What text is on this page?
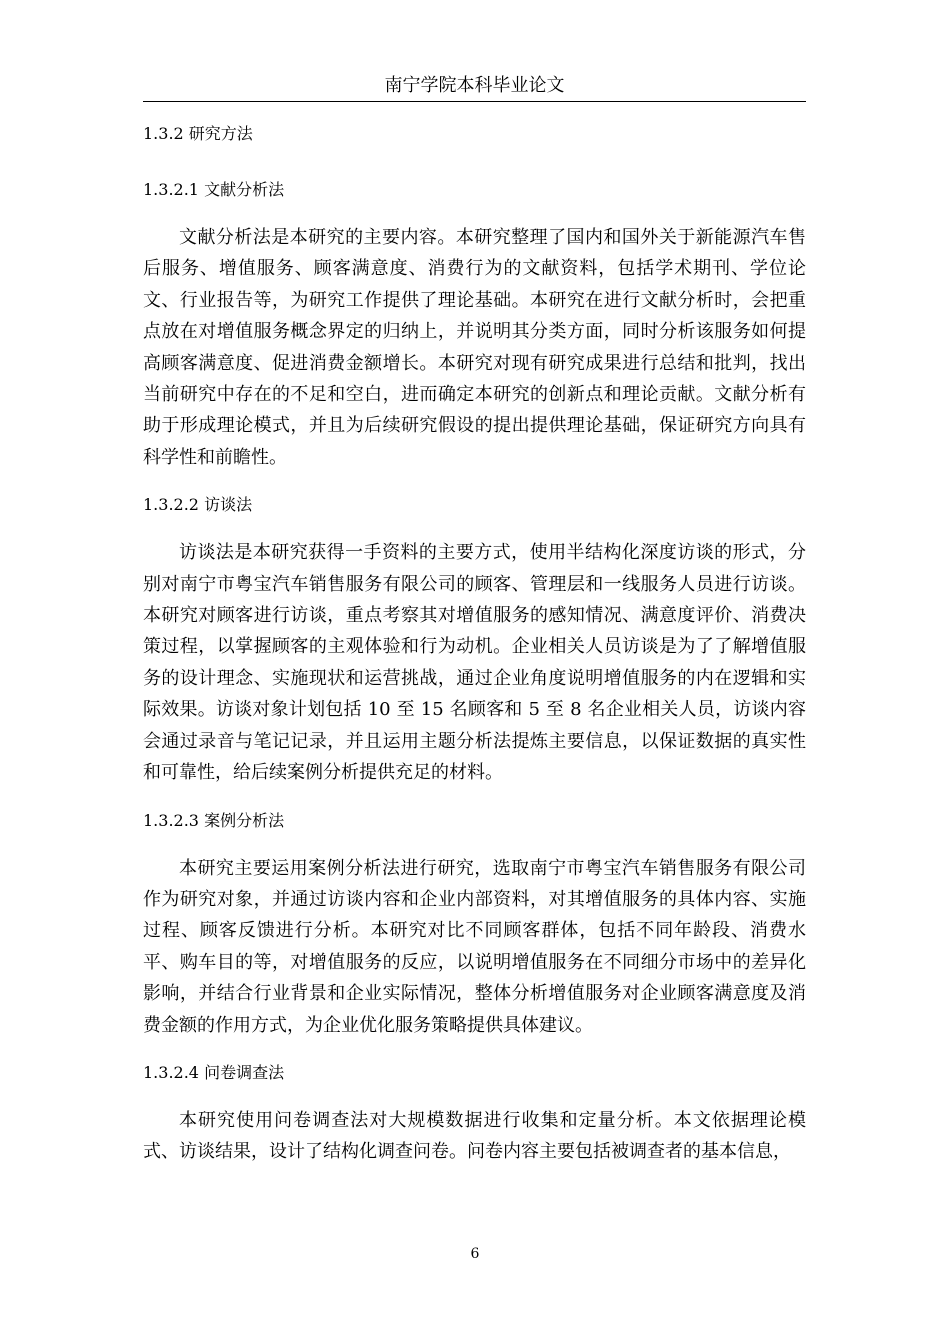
南宁学院本科毕业论文
1.3.2 研究方法
1.3.2.1 文献分析法

文献分析法是本研究的主要内容。本研究整理了国内和国外关于新能源汽车售后服务、增值服务、顾客满意度、消费行为的文献资料，包括学术期刊、学位论文、行业报告等，为研究工作提供了理论基础。本研究在进行文献分析时，会把重点放在对增值服务概念界定的归纳上，并说明其分类方面，同时分析该服务如何提高顾客满意度、促进消费金额增长。本研究对现有研究成果进行总结和批判，找出当前研究中存在的不足和空白，进而确定本研究的创新点和理论贡献。文献分析有助于形成理论模式，并且为后续研究假设的提出提供理论基础，保证研究方向具有科学性和前瞻性。

1.3.2.2 访谈法

访谈法是本研究获得一手资料的主要方式，使用半结构化深度访谈的形式，分别对南宁市粤宝汽车销售服务有限公司的顾客、管理层和一线服务人员进行访谈。本研究对顾客进行访谈，重点考察其对增值服务的感知情况、满意度评价、消费决策过程，以掌握顾客的主观体验和行为动机。企业相关人员访谈是为了了解增值服务的设计理念、实施现状和运营挑战，通过企业角度说明增值服务的内在逻辑和实际效果。访谈对象计划包括 10 至 15 名顾客和 5 至 8 名企业相关人员，访谈内容会通过录音与笔记记录，并且运用主题分析法提炼主要信息，以保证数据的真实性和可靠性，给后续案例分析提供充足的材料。

1.3.2.3 案例分析法

本研究主要运用案例分析法进行研究，选取南宁市粤宝汽车销售服务有限公司作为研究对象，并通过访谈内容和企业内部资料，对其增值服务的具体内容、实施过程、顾客反馈进行分析。本研究对比不同顾客群体，包括不同年龄段、消费水平、购车目的等，对增值服务的反应，以说明增值服务在不同细分市场中的差异化影响，并结合行业背景和企业实际情况，整体分析增值服务对企业顾客满意度及消费金额的作用方式，为企业优化服务策略提供具体建议。

1.3.2.4 问卷调查法

本研究使用问卷调查法对大规模数据进行收集和定量分析。本文依据理论模式、访谈结果，设计了结构化调查问卷。问卷内容主要包括被调查者的基本信息，

6
